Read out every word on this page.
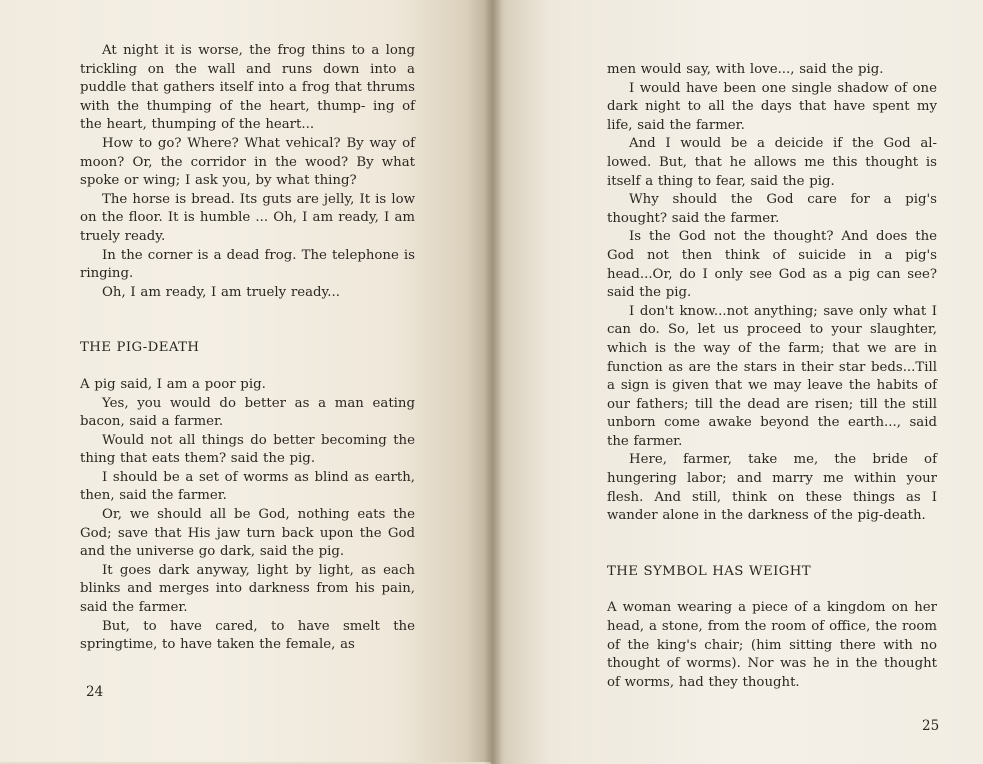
At night it is worse, the frog thins to a long trickling on the wall and runs down into a puddle that gathers itself into a frog that thrums with the thumping of the heart, thump- ing of the heart, thumping of the heart...

How to go? Where? What vehical? By way of moon? Or, the corridor in the wood? By what spoke or wing; I ask you, by what thing?

The horse is bread. Its guts are jelly, It is low on the floor. It is humble ... Oh, I am ready, I am truely ready.

In the corner is a dead frog. The telephone is ringing.

Oh, I am ready, I am truely ready...

THE PIG-DEATH

A pig said, I am a poor pig.

Yes, you would do better as a man eating bacon, said a farmer.

Would not all things do better becoming the thing that eats them? said the pig.

I should be a set of worms as blind as earth, then, said the farmer.

Or, we should all be God, nothing eats the God; save that His jaw turn back upon the God and the universe go dark, said the pig.

It goes dark anyway, light by light, as each blinks and merges into darkness from his pain, said the farmer.

But, to have cared, to have smelt the springtime, to have taken the female, as

24

men would say, with love..., said the pig.

I would have been one single shadow of one dark night to all the days that have spent my life, said the farmer.

And I would be a deicide if the God al- lowed. But, that he allows me this thought is itself a thing to fear, said the pig.

Why should the God care for a pig's thought? said the farmer.

Is the God not the thought? And does the God not then think of suicide in a pig's head...Or, do I only see God as a pig can see? said the pig.

I don't know...not anything; save only what I can do. So, let us proceed to your slaughter, which is the way of the farm; that we are in function as are the stars in their star beds...Till a sign is given that we may leave the habits of our fathers; till the dead are risen; till the still unborn come awake beyond the earth..., said the farmer.

Here, farmer, take me, the bride of hungering labor; and marry me within your flesh. And still, think on these things as I wander alone in the darkness of the pig-death.

THE SYMBOL HAS WEIGHT

A woman wearing a piece of a kingdom on her head, a stone, from the room of office, the room of the king's chair; (him sitting there with no thought of worms). Nor was he in the thought of worms, had they thought.

25
